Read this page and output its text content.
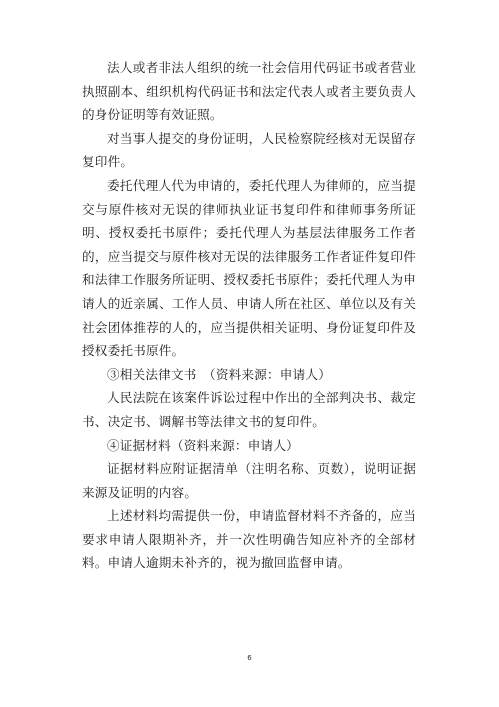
法人或者非法人组织的统一社会信用代码证书或者营业执照副本、组织机构代码证书和法定代表人或者主要负责人的身份证明等有效证照。

对当事人提交的身份证明，人民检察院经核对无误留存复印件。

委托代理人代为申请的，委托代理人为律师的，应当提交与原件核对无误的律师执业证书复印件和律师事务所证明、授权委托书原件；委托代理人为基层法律服务工作者的，应当提交与原件核对无误的法律服务工作者证件复印件和法律工作服务所证明、授权委托书原件；委托代理人为申请人的近亲属、工作人员、申请人所在社区、单位以及有关社会团体推荐的人的，应当提供相关证明、身份证复印件及授权委托书原件。

③相关法律文书　（资料来源：申请人）

人民法院在该案件诉讼过程中作出的全部判决书、裁定书、决定书、调解书等法律文书的复印件。

④证据材料（资料来源：申请人）

证据材料应附证据清单（注明名称、页数），说明证据来源及证明的内容。

上述材料均需提供一份，申请监督材料不齐备的，应当要求申请人限期补齐，并一次性明确告知应补齐的全部材料。申请人逾期未补齐的，视为撤回监督申请。

6
